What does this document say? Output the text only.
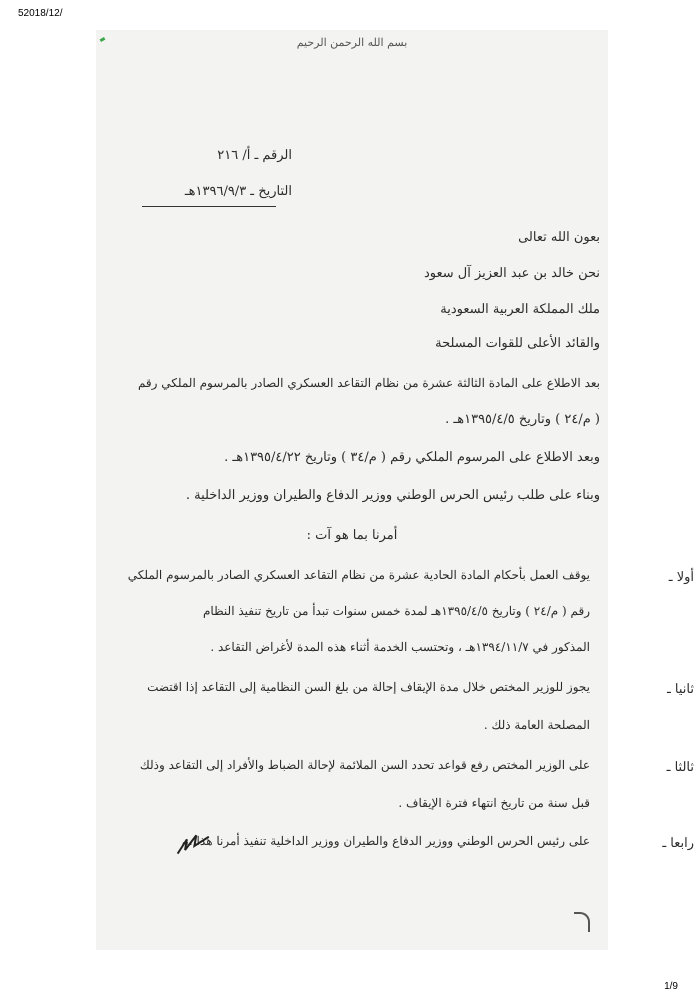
52018/12/
بسم الله الرحمن الرحيم
الرقم ـ أ/ ٢١٦
التاريخ ـ ١٣٩٦/٩/٣هـ
بعون الله تعالى
نحن خالد بن عبد العزيز آل سعود
ملك المملكة العربية السعودية
والقائد الأعلى للقوات المسلحة
بعد الاطلاع على المادة الثالثة عشرة من نظام التقاعد العسكري الصادر بالمرسوم الملكي رقم
( م/٢٤ ) وتاريخ ١٣٩٥/٤/٥هـ .
وبعد الاطلاع على المرسوم الملكي رقم ( م/٣٤ ) وتاريخ ١٣٩٥/٤/٢٢هـ .
وبناء على طلب رئيس الحرس الوطني ووزير الدفاع والطيران ووزير الداخلية .
أمرنا بما هو آت :
أولا ـ
يوقف العمل بأحكام المادة الحادية عشرة من نظام التقاعد العسكري الصادر بالمرسوم الملكي
رقم ( م/٢٤ ) وتاريخ ١٣٩٥/٤/٥هـ لمدة خمس سنوات تبدأ من تاريخ تنفيذ النظام
المذكور في ١٣٩٤/١١/٧هـ ، وتحتسب الخدمة أثناء هذه المدة لأغراض التقاعد .
ثانيا ـ
يجوز للوزير المختص خلال مدة الإيقاف إحالة من بلغ السن النظامية إلى التقاعد إذا اقتضت
المصلحة العامة ذلك .
ثالثا ـ
على الوزير المختص رفع قواعد تحدد السن الملائمة لإحالة الضباط والأفراد إلى التقاعد وذلك
قبل سنة من تاريخ انتهاء فترة الإيقاف .
رابعا ـ
على رئيس الحرس الوطني ووزير الدفاع والطيران ووزير الداخلية تنفيذ أمرنا هذا ،،،
1/9
